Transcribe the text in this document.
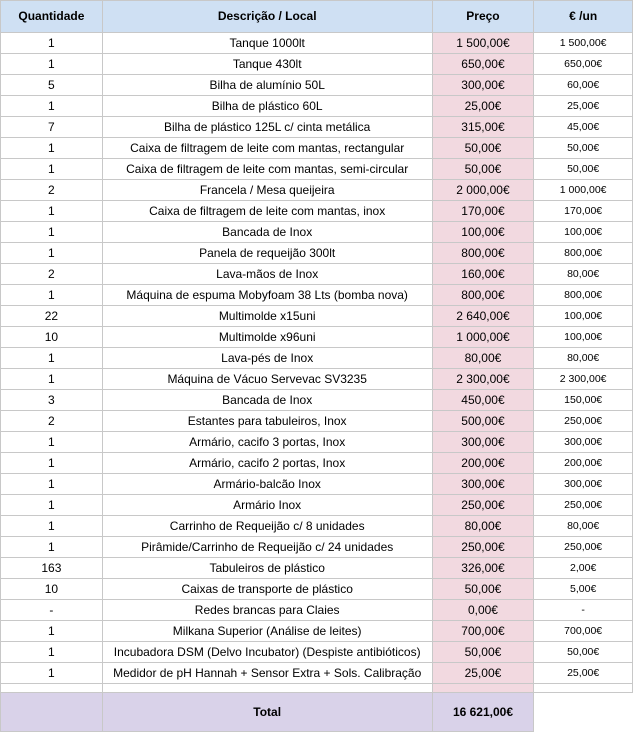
Quantidade	Descrição / Local	Preço	€ /un
1	Tanque 1000lt	1 500,00€	1 500,00€
1	Tanque 430lt	650,00€	650,00€
5	Bilha de alumínio 50L	300,00€	60,00€
1	Bilha de plástico 60L	25,00€	25,00€
7	Bilha de plástico 125L c/ cinta metálica	315,00€	45,00€
1	Caixa de filtragem de leite com mantas, rectangular	50,00€	50,00€
1	Caixa de filtragem de leite com mantas, semi-circular	50,00€	50,00€
2	Francela / Mesa queijeira	2 000,00€	1 000,00€
1	Caixa de filtragem de leite com mantas, inox	170,00€	170,00€
1	Bancada de Inox	100,00€	100,00€
1	Panela de requeijão 300lt	800,00€	800,00€
2	Lava-mãos de Inox	160,00€	80,00€
1	Máquina de espuma Mobyfoam 38 Lts (bomba nova)	800,00€	800,00€
22	Multimolde x15uni	2 640,00€	100,00€
10	Multimolde x96uni	1 000,00€	100,00€
1	Lava-pés de Inox	80,00€	80,00€
1	Máquina de Vácuo Servevac SV3235	2 300,00€	2 300,00€
3	Bancada de Inox	450,00€	150,00€
2	Estantes para tabuleiros, Inox	500,00€	250,00€
1	Armário, cacifo 3 portas, Inox	300,00€	300,00€
1	Armário, cacifo 2 portas, Inox	200,00€	200,00€
1	Armário-balcão Inox	300,00€	300,00€
1	Armário Inox	250,00€	250,00€
1	Carrinho de Requeijão c/ 8 unidades	80,00€	80,00€
1	Pirâmide/Carrinho de Requeijão c/ 24 unidades	250,00€	250,00€
163	Tabuleiros de plástico	326,00€	2,00€
10	Caixas de transporte de plástico	50,00€	5,00€
-	Redes brancas para Claies	0,00€	-
1	Milkana Superior (Análise de leites)	700,00€	700,00€
1	Incubadora DSM (Delvo Incubator) (Despiste antibióticos)	50,00€	50,00€
1	Medidor de pH Hannah + Sensor Extra + Sols. Calibração	25,00€	25,00€

	Total	16 621,00€	
